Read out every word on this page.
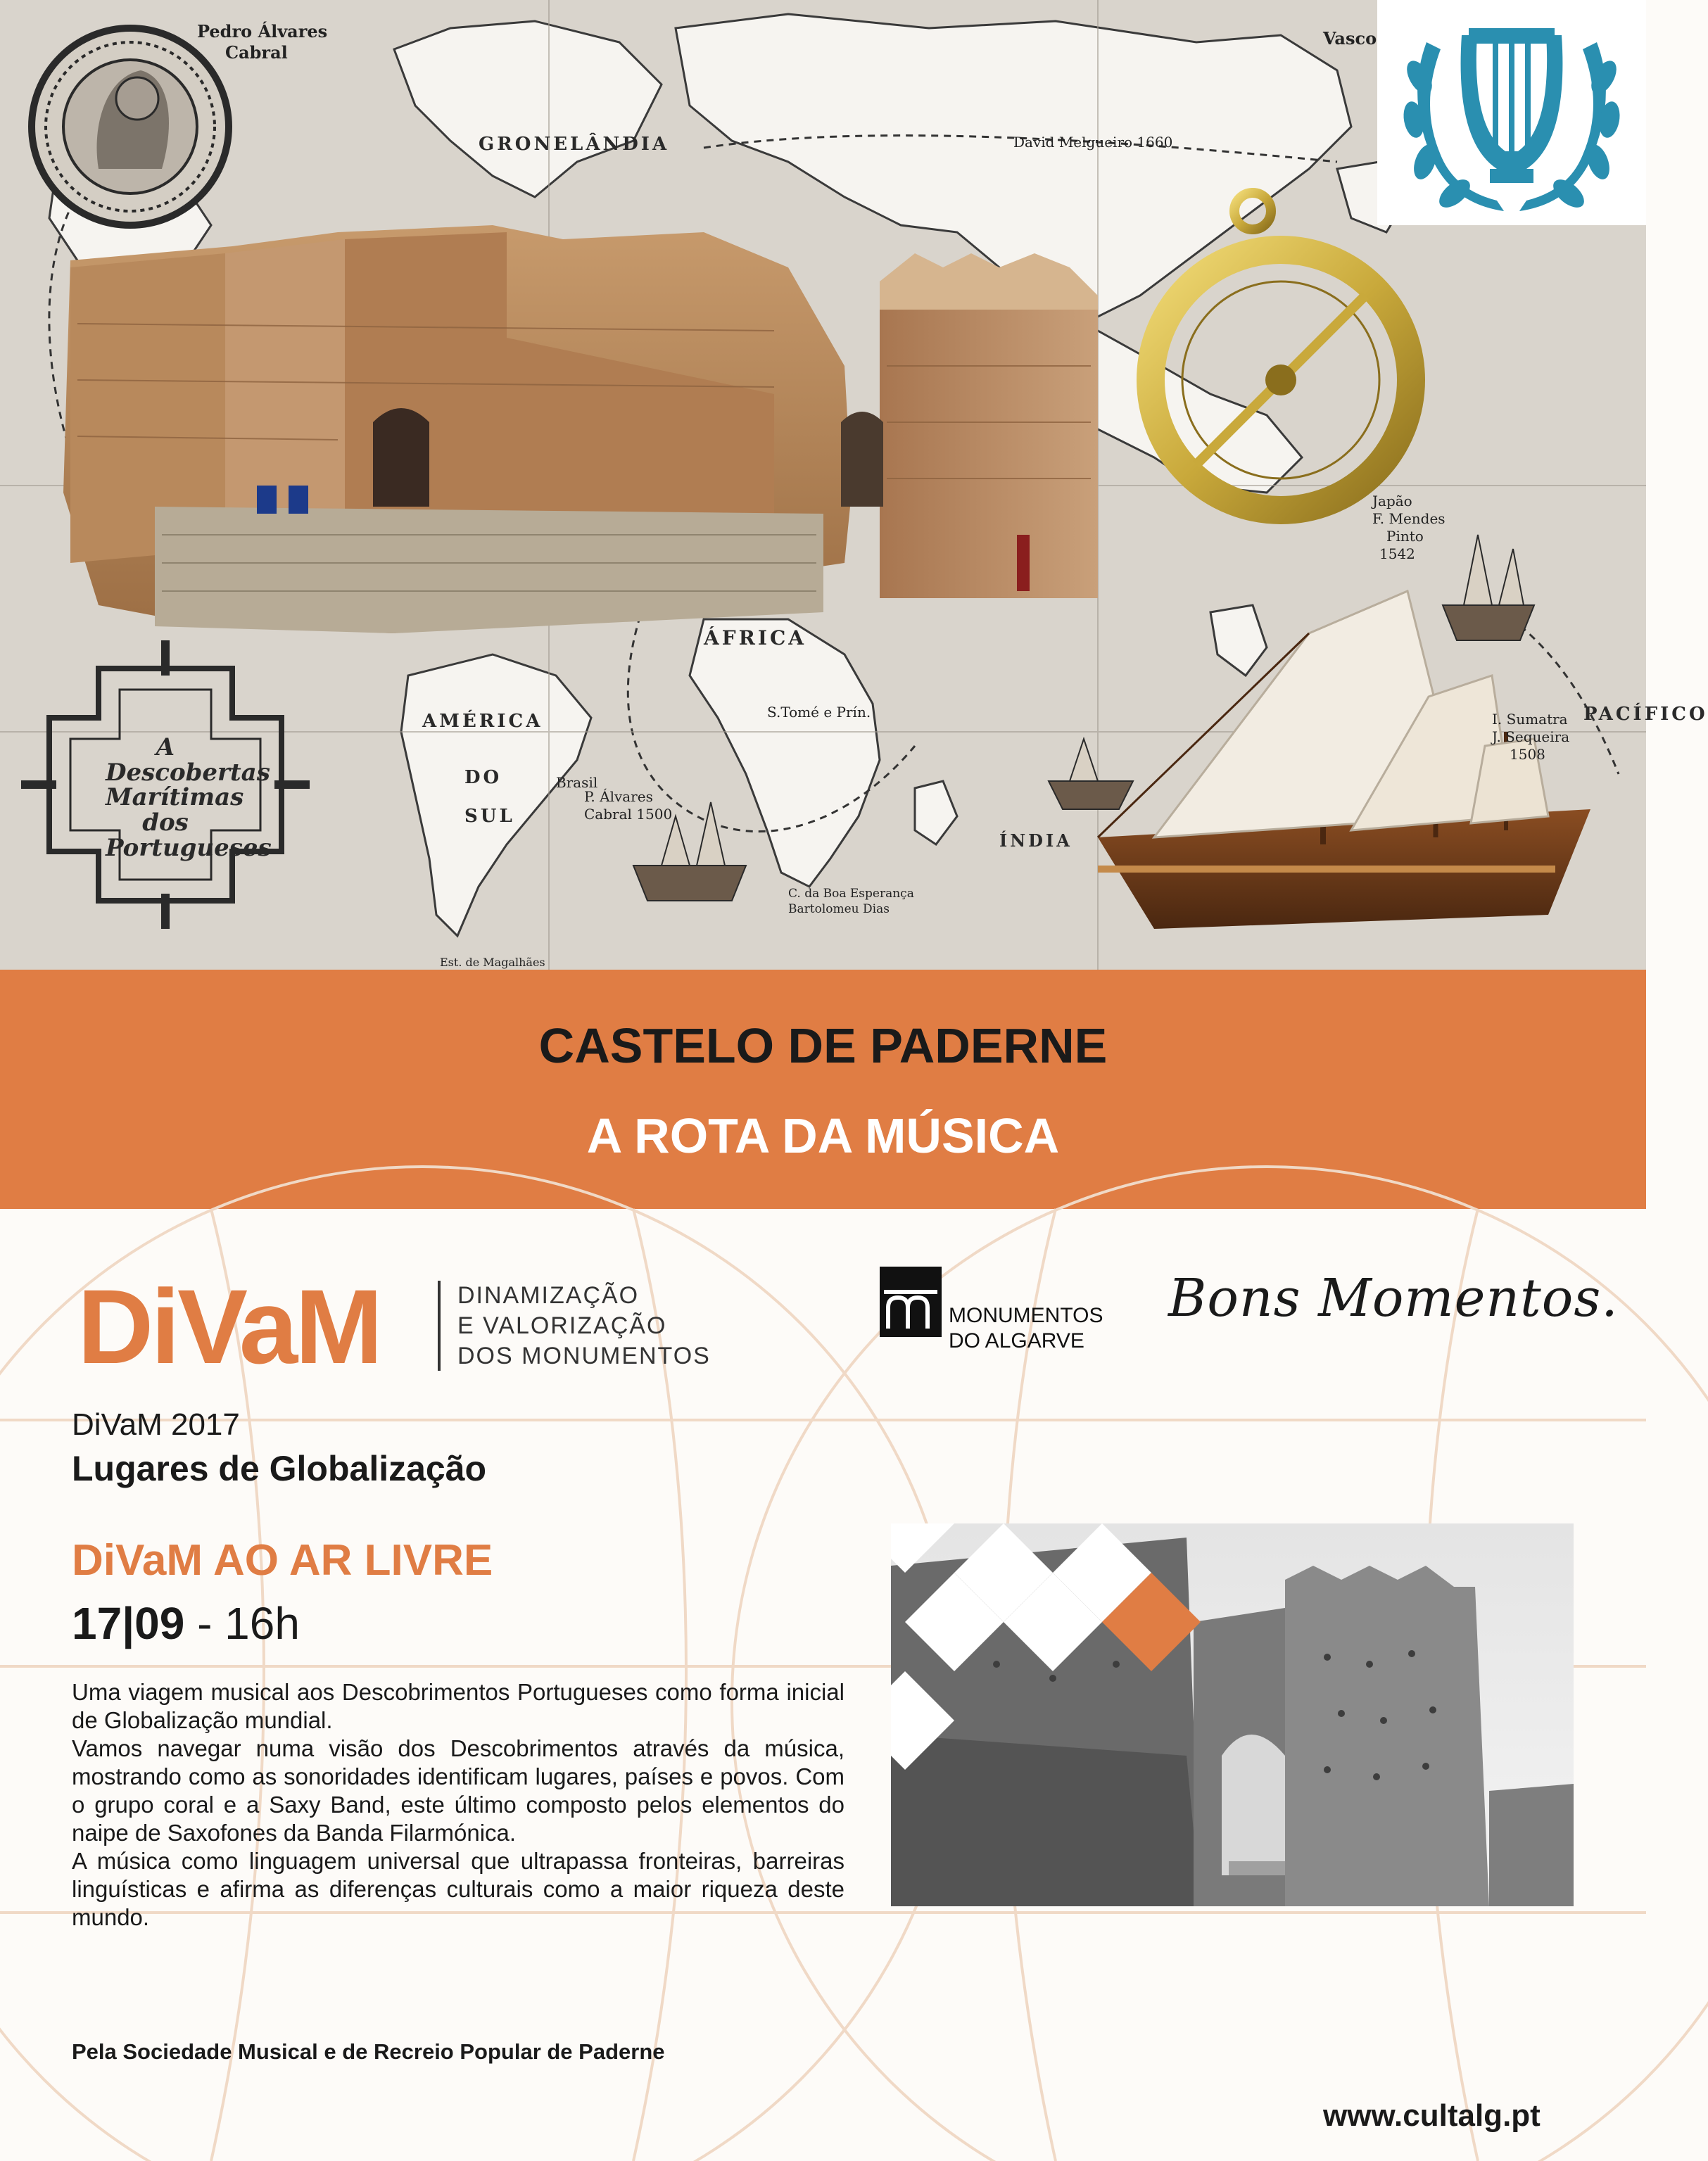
GRONELÂNDIA
ÁFRICA
AMÉRICA
DO
SUL
PACÍFICO
ÍNDIA
Pedro Álvares
Cabral
Vasco
David Melgueiro 1660
Japão
F. Mendes
Pinto
1542
I. Sumatra
J. Sequeira
1508
Brasil
P. Álvares
Cabral 1500
S.Tomé e Prín.
C. da Boa Esperança
Bartolomeu Dias
Est. de Magalhães
A
Descobertas
Marítimas
dos
Portugueses
CASTELO DE PADERNE
A ROTA DA MÚSICA
DiVaM	DINAMIZAÇÃO
E VALORIZAÇÃO
DOS MONUMENTOS
MONUMENTOS
DO ALGARVE
Bons Momentos.
DiVaM 2017
Lugares de Globalização
DiVaM AO AR LIVRE
17|09 - 16h

Uma viagem musical aos Descobrimentos Portugueses como forma inicial de Globalização mundial.

Vamos navegar numa visão dos Descobrimentos através da música, mostrando como as sonoridades identificam lugares, países e povos. Com o grupo coral e a Saxy Band, este último composto pelos elementos do naipe de Saxofones da Banda Filarmónica.

A música como linguagem universal que ultrapassa fronteiras, barreiras linguísticas e afirma as diferenças culturais como a maior riqueza deste mundo.

Pela Sociedade Musical e de Recreio Popular de Paderne
www.cultalg.pt
